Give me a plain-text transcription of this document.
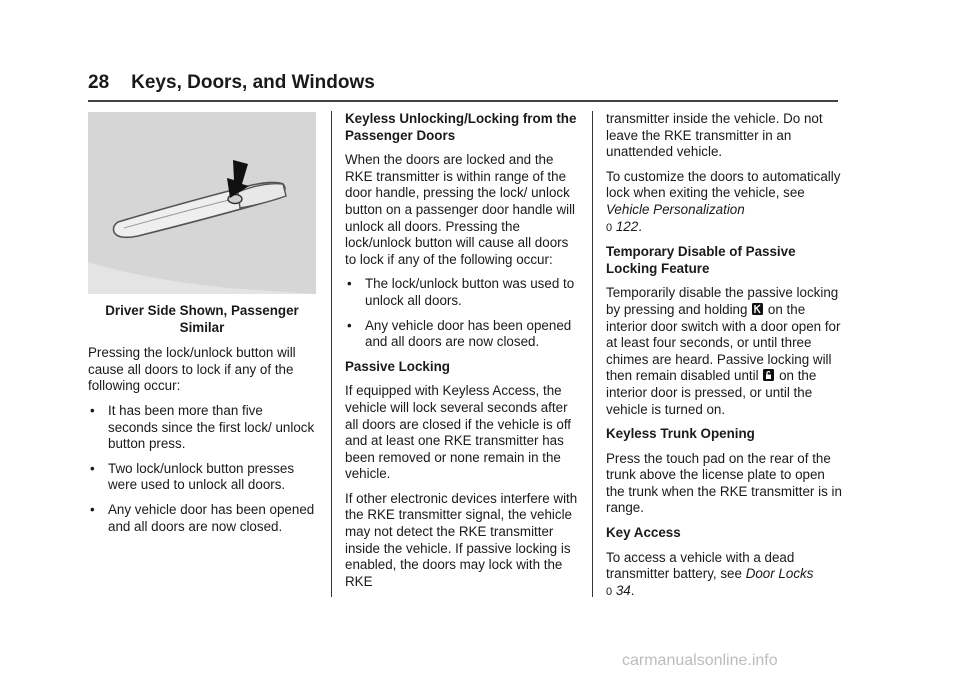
28 Keys, Doors, and Windows
Driver Side Shown, Passenger Similar

Pressing the lock/unlock button will cause all doors to lock if any of the following occur:

• It has been more than five seconds since the first lock/ unlock button press.
• Two lock/unlock button presses were used to unlock all doors.
• Any vehicle door has been opened and all doors are now closed.
Keyless Unlocking/Locking from the Passenger Doors

When the doors are locked and the RKE transmitter is within range of the door handle, pressing the lock/ unlock button on a passenger door handle will unlock all doors. Pressing the lock/unlock button will cause all doors to lock if any of the following occur:

• The lock/unlock button was used to unlock all doors.
• Any vehicle door has been opened and all doors are now closed.
Passive Locking

If equipped with Keyless Access, the vehicle will lock several seconds after all doors are closed if the vehicle is off and at least one RKE transmitter has been removed or none remain in the vehicle.

If other electronic devices interfere with the RKE transmitter signal, the vehicle may not detect the RKE transmitter inside the vehicle. If passive locking is enabled, the doors may lock with the RKE

transmitter inside the vehicle. Do not leave the RKE transmitter in an unattended vehicle.

To customize the doors to automatically lock when exiting the vehicle, see Vehicle Personalization
0 122.

Temporary Disable of Passive Locking Feature

Temporarily disable the passive locking by pressing and holding on the interior door switch with a door open for at least four seconds, or until three chimes are heard. Passive locking will then remain disabled until on the interior door is pressed, or until the vehicle is turned on.

Keyless Trunk Opening

Press the touch pad on the rear of the trunk above the license plate to open the trunk when the RKE transmitter is in range.

Key Access

To access a vehicle with a dead transmitter battery, see Door Locks
0 34.

carmanualsonline.info
